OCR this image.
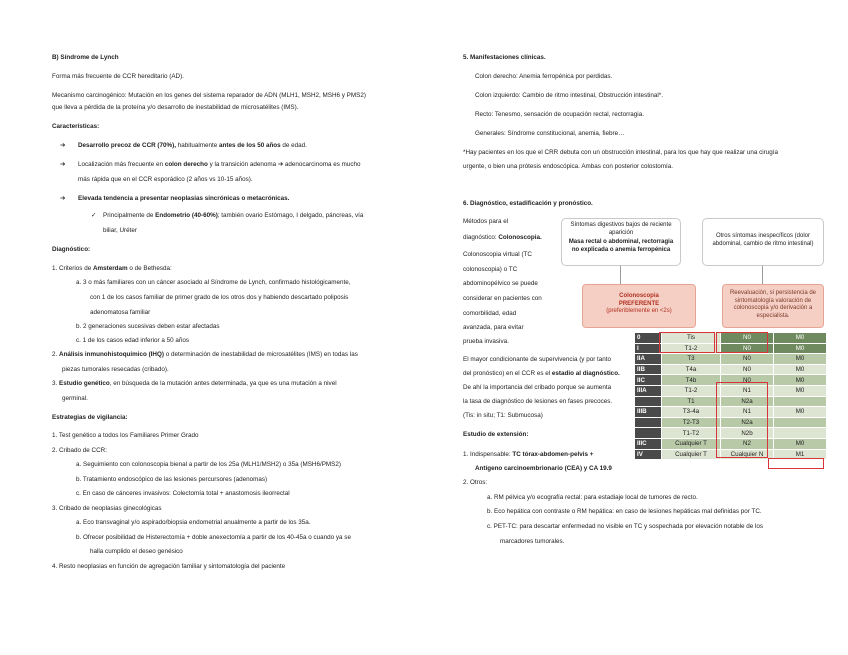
B) Síndrome de Lynch
Forma más frecuente de CCR hereditario (AD).
Mecanismo carcinogénico: Mutación en los genes del sistema reparador de ADN (MLH1, MSH2, MSH6 y PMS2)
que lleva a pérdida de la proteína y/o desarrollo de inestabilidad de microsatélites (IMS).
Características:
➔ Desarrollo precoz de CCR (70%), habitualmente antes de los 50 años de edad.
➔ Localización más frecuente en colon derecho y la transición adenoma ➔ adenocarcinoma es mucho
más rápida que en el CCR esporádico (2 años vs 10-15 años).
➔ Elevada tendencia a presentar neoplasias sincrónicas o metacrónicas.
✓ Principalmente de Endometrio (40-60%); también ovario Estómago, I delgado, páncreas, vía
biliar, Uréter
Diagnóstico:
1. Criterios de Amsterdam o de Bethesda:
a. 3 o más familiares con un cáncer asociado al Síndrome de Lynch, confirmado histológicamente,
con 1 de los casos familiar de primer grado de los otros dos y habiendo descartado poliposis
adenomatosa familiar
b. 2 generaciones sucesivas deben estar afectadas
c. 1 de los casos edad inferior a 50 años
2. Análisis inmunohistoquímico (IHQ) o determinación de inestabilidad de microsatélites (IMS) en todas las
piezas tumorales resecadas (cribado).
3. Estudio genético, en búsqueda de la mutación antes determinada, ya que es una mutación a nivel
germinal.
Estrategias de vigilancia:
1. Test genético a todos los Familiares Primer Grado
2. Cribado de CCR:
a. Seguimiento con colonoscopia bienal a partir de los 25a (MLH1/MSH2) o 35a (MSH6/PMS2)
b. Tratamiento endoscópico de las lesiones percursores (adenomas)
c. En caso de cánceres invasivos: Colectomía total + anastomosis ileorrectal
3. Cribado de neoplasias ginecológicas
a. Eco transvaginal y/o aspirado/biopsia endometrial anualmente a partir de los 35a.
b. Ofrecer posibilidad de Histerectomía + doble anexectomía a partir de los 40-45a o cuando ya se
halla cumplido el deseo genésico
4. Resto neoplasias en función de agregación familiar y sintomatología del paciente
5. Manifestaciones clínicas.
Colon derecho: Anemia ferropénica por perdidas.
Colon izquierdo: Cambio de ritmo intestinal, Obstrucción intestinal*.
Recto: Tenesmo, sensación de ocupación rectal, rectorragia.
Generales: Síndrome constitucional, anemia, fiebre…
*Hay pacientes en los que el CRR debuta con un obstrucción intestinal, para los que hay que realizar una cirugía
urgente, o bien una prótesis endoscópica. Ambas con posterior colostomía.
6. Diagnóstico, estadificación y pronóstico.
Métodos para el
diagnóstico: Colonoscopia.
Colonoscopia virtual (TC
colonoscopia) o TC
abdominopélvico se puede
considerar en pacientes con
comorbilidad, edad
avanzada, para evitar
prueba invasiva.
El mayor condicionante de supervivencia (y por tanto
del pronóstico) en el CCR es el estadio al diagnóstico.
De ahí la importancia del cribado porque se aumenta
la tasa de diagnóstico de lesiones en fases precoces.
(Tis: in situ; T1: Submucosa)
Estudio de extensión:
1. Indispensable: TC tórax-abdomen-pelvis +
Antígeno carcinoembrionario (CEA) y CA 19.9
2. Otros:
a. RM pélvica y/o ecografía rectal: para estadiaje local de tumores de recto.
b. Eco hepática con contraste o RM hepática: en caso de lesiones hepáticas mal definidas por TC.
c. PET-TC: para descartar enfermedad no visible en TC y sospechada por elevación notable de los
marcadores tumorales.
Síntomas digestivos bajos de reciente aparición
Masa rectal o abdominal, rectorragia no explicada o anemia ferropénica
Otros síntomas inespecíficos (dolor abdominal, cambio de ritmo intestinal)
Colonoscopia
PREFERENTE
(preferiblemente en <2s)
Reevaluación, si persistencia de sintomatología valoración de colonoscopia y/o derivación a especialista.
0	Tis	N0	M0
I	T1-2	N0	M0
IIA	T3	N0	M0
IIB	T4a	N0	M0
IIC	T4b	N0	M0
IIIA	T1-2	N1	M0
	T1	N2a	
IIIB	T3-4a	N1	M0
	T2-T3	N2a	
	T1-T2	N2b	
IIIC	Cualquier T	N2	M0
IV	Cualquier T	Cualquier N	M1
